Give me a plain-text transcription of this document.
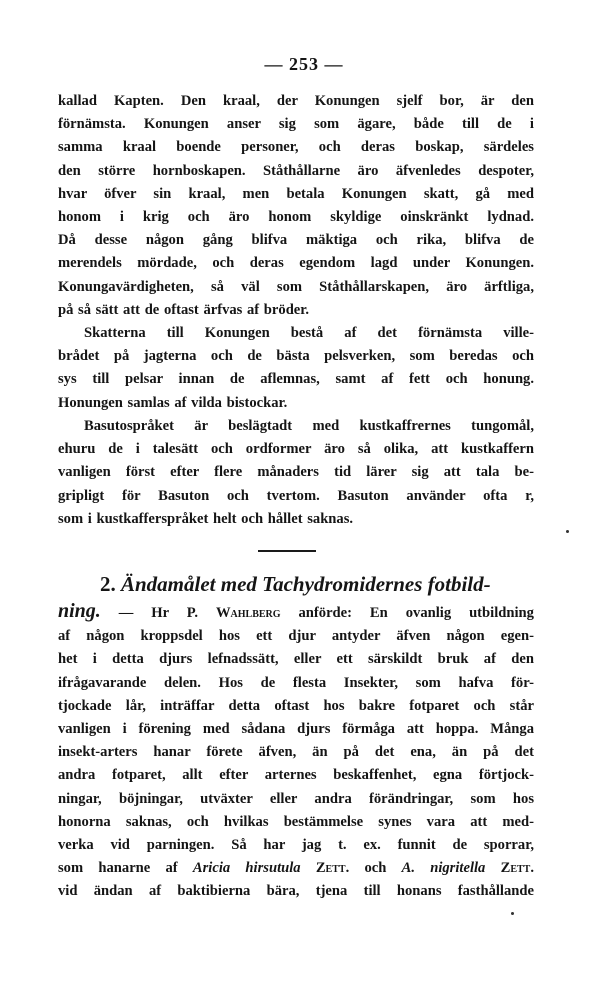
— 253 —
kallad Kapten. Den kraal, der Konungen sjelf bor, är den
förnämsta. Konungen anser sig som ägare, både till de i
samma kraal boende personer, och deras boskap, särdeles
den större hornboskapen. Ståthållarne äro äfvenledes despoter,
hvar öfver sin kraal, men betala Konungen skatt, gå med
honom i krig och äro honom skyldige oinskränkt lydnad.
Då desse någon gång blifva mäktiga och rika, blifva de
merendels mördade, och deras egendom lagd under Konungen.
Konungavärdigheten, så väl som Ståthållarskapen, äro ärftliga,
på så sätt att de oftast ärfvas af bröder.
Skatterna till Konungen bestå af det förnämsta ville-
brådet på jagterna och de bästa pelsverken, som beredas och
sys till pelsar innan de aflemnas, samt af fett och honung.
Honungen samlas af vilda bistockar.
Basutospråket är beslägtadt med kustkaffrernes tungomål,
ehuru de i talesätt och ordformer äro så olika, att kustkaffern
vanligen först efter flere månaders tid lärer sig att tala be-
gripligt för Basuton och tvertom. Basuton använder ofta r,
som i kustkafferspråket helt och hållet saknas.
2. Ändamålet med Tachydromidernes fotbild-
ning. — Hr P. Wahlberg anförde: En ovanlig utbildning
af någon kroppsdel hos ett djur antyder äfven någon egen-
het i detta djurs lefnadssätt, eller ett särskildt bruk af den
ifrågavarande delen. Hos de flesta Insekter, som hafva för-
tjockade lår, inträffar detta oftast hos bakre fotparet och står
vanligen i förening med sådana djurs förmåga att hoppa. Många
insekt-arters hanar förete äfven, än på det ena, än på det
andra fotparet, allt efter arternes beskaffenhet, egna förtjock-
ningar, böjningar, utväxter eller andra förändringar, som hos
honorna saknas, och hvilkas bestämmelse synes vara att med-
verka vid parningen. Så har jag t. ex. funnit de sporrar,
som hanarne af Aricia hirsutula Zett. och A. nigritella Zett.
vid ändan af baktibierna bära, tjena till honans fasthållande
